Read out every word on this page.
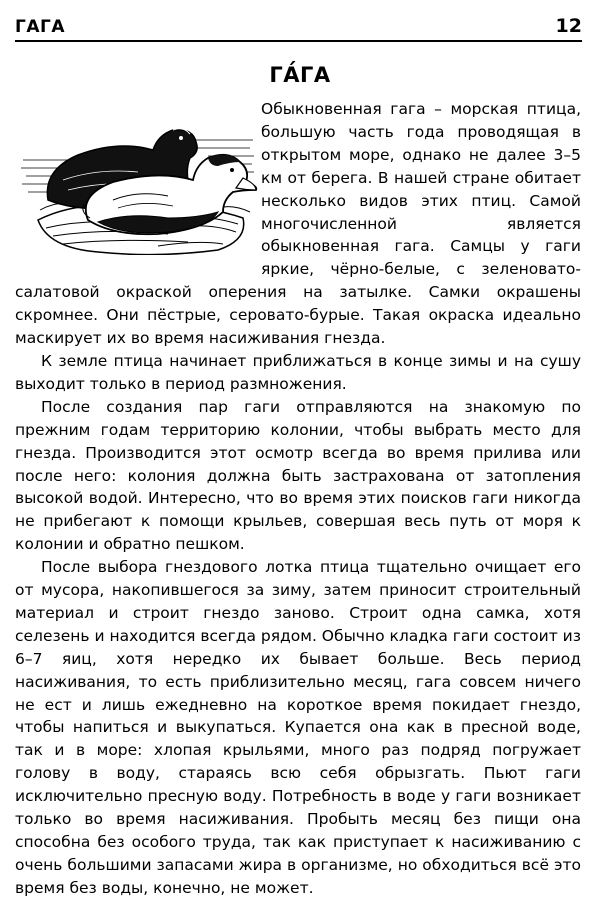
ГАГА	12
ГА́ГА

Обыкновенная гага – морская птица, большую часть года проводящая в открытом море, однако не далее 3–5 км от берега. В нашей стране обитает несколько видов этих птиц. Самой многочисленной является обыкновенная гага. Самцы у гаги яркие, чёрно-белые, с зеленовато-салатовой окраской оперения на затылке. Самки окрашены скромнее. Они пёстрые, серовато-бурые. Такая окраска идеально маскирует их во время насиживания гнезда.

К земле птица начинает приближаться в конце зимы и на сушу выходит только в период размножения.

После создания пар гаги отправляются на знакомую по прежним годам территорию колонии, чтобы выбрать место для гнезда. Производится этот осмотр всегда во время прилива или после него: колония должна быть застрахована от затопления высокой водой. Интересно, что во время этих поисков гаги никогда не прибегают к помощи крыльев, совершая весь путь от моря к колонии и обратно пешком.

После выбора гнездового лотка птица тщательно очищает его от мусора, накопившегося за зиму, затем приносит строительный материал и строит гнездо заново. Строит одна самка, хотя селезень и находится всегда рядом. Обычно кладка гаги состоит из 6–7 яиц, хотя нередко их бывает больше. Весь период насиживания, то есть приблизительно месяц, гага совсем ничего не ест и лишь ежедневно на короткое время покидает гнездо, чтобы напиться и выкупаться. Купается она как в пресной воде, так и в море: хлопая крыльями, много раз подряд погружает голову в воду, стараясь всю себя обрызгать. Пьют гаги исключительно пресную воду. Потребность в воде у гаги возникает только во время насиживания. Пробыть месяц без пищи она способна без особого труда, так как приступает к насиживанию с очень большими запасами жира в организме, но обходиться всё это время без воды, конечно, не может.
